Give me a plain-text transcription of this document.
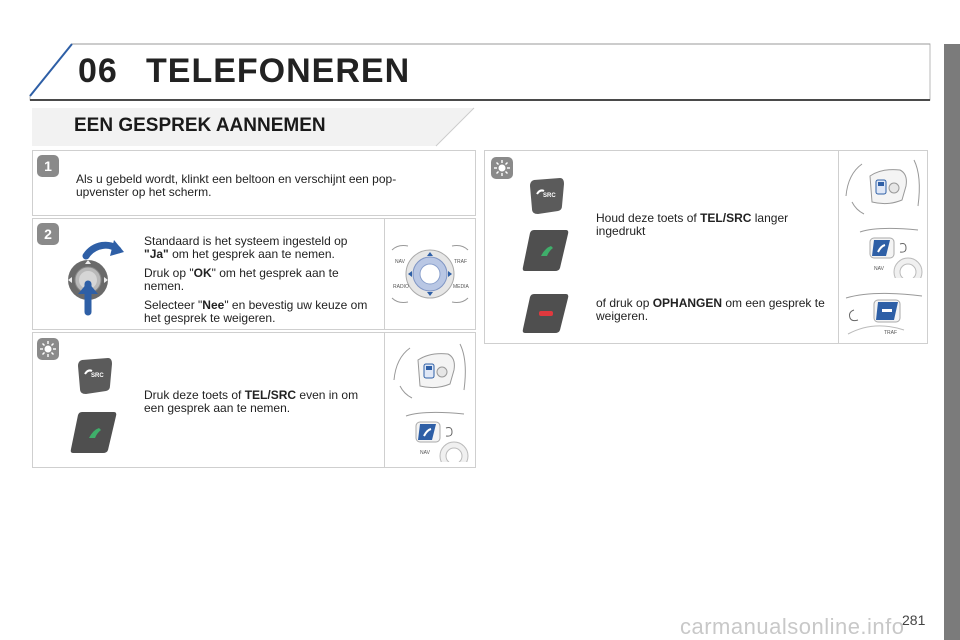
06 TELEFONEREN
EEN GESPREK AANNEMEN
1
Als u gebeld wordt, klinkt een beltoon en verschijnt een pop-upvenster op het scherm.
2	Standaard is het systeem ingesteld op "Ja" om het gesprek aan te nemen.

Druk op "OK" om het gesprek aan te nemen.

Selecteer "Nee" en bevestig uw keuze om het gesprek te weigeren.

NAV	TRAF
RADIO	MEDIA
SRC
Druk deze toets of TEL/SRC even in om een gesprek aan te nemen.
NAV
SRC
Houd deze toets of TEL/SRC langer ingedrukt
of druk op OPHANGEN om een gesprek te weigeren.
NAV
TRAF
carmanualsonline.info
281
